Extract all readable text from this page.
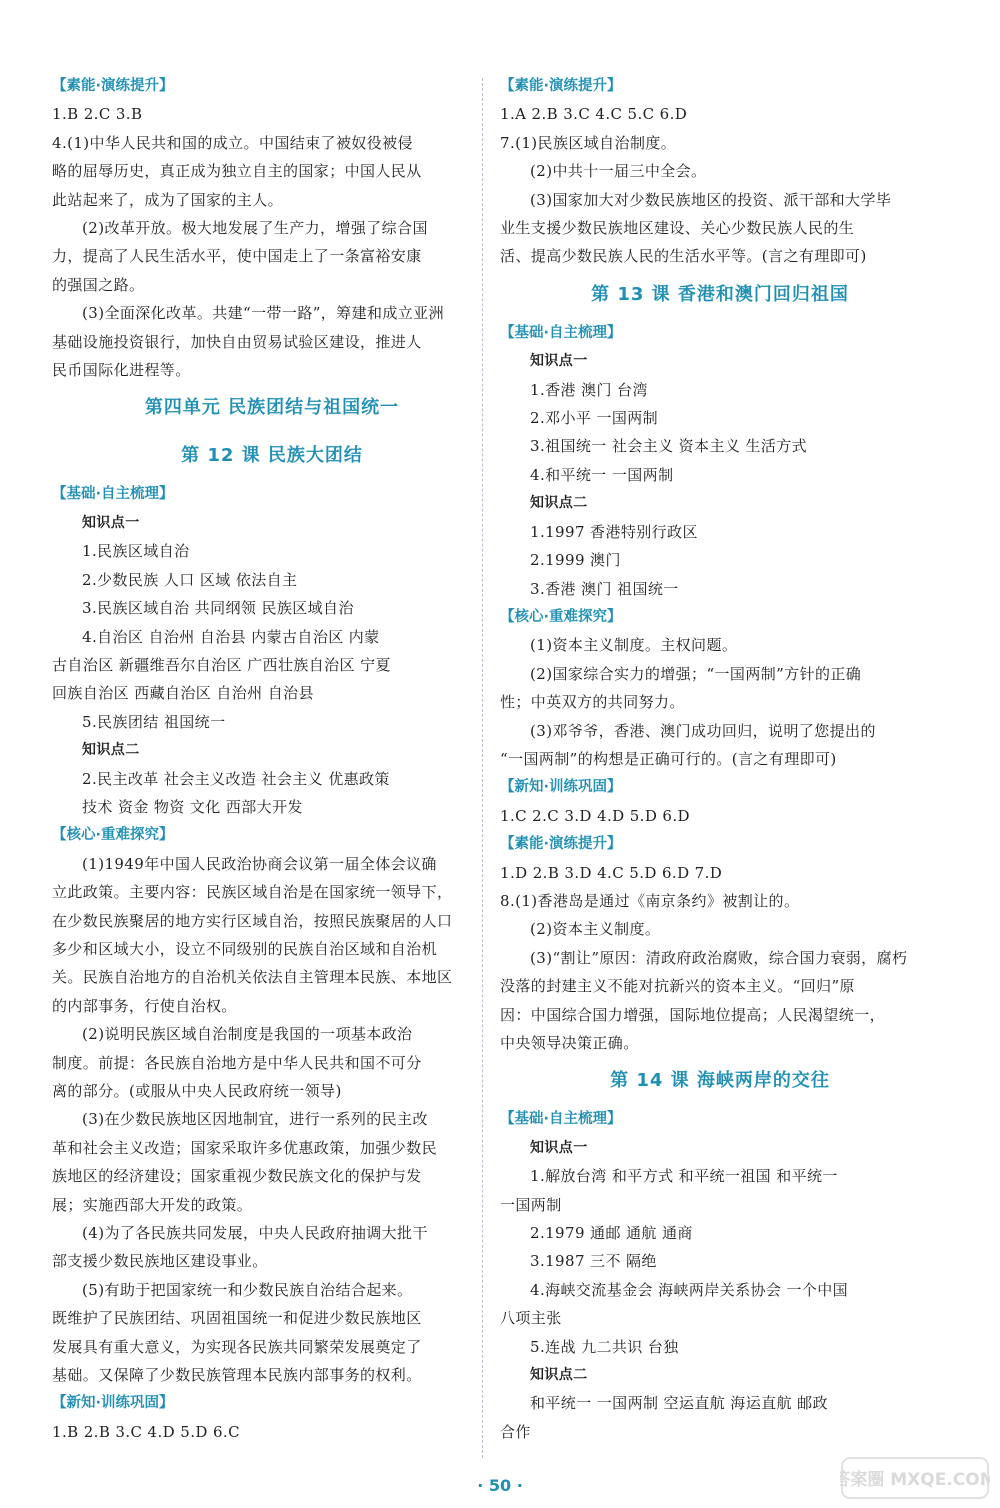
【素能·演练提升】
1.B 2.C 3.B
4.(1)中华人民共和国的成立。中国结束了被奴役被侵
略的屈辱历史，真正成为独立自主的国家；中国人民从
此站起来了，成为了国家的主人。
(2)改革开放。极大地发展了生产力，增强了综合国
力，提高了人民生活水平，使中国走上了一条富裕安康
的强国之路。
(3)全面深化改革。共建“一带一路”，筹建和成立亚洲
基础设施投资银行，加快自由贸易试验区建设，推进人
民币国际化进程等。
第四单元 民族团结与祖国统一
第 12 课 民族大团结
【基础·自主梳理】
知识点一
1.民族区域自治
2.少数民族 人口 区域 依法自主
3.民族区域自治 共同纲领 民族区域自治
4.自治区 自治州 自治县 内蒙古自治区 内蒙
古自治区 新疆维吾尔自治区 广西壮族自治区 宁夏
回族自治区 西藏自治区 自治州 自治县
5.民族团结 祖国统一
知识点二
2.民主改革 社会主义改造 社会主义 优惠政策
技术 资金 物资 文化 西部大开发
【核心·重难探究】
(1)1949年中国人民政治协商会议第一届全体会议确
立此政策。主要内容：民族区域自治是在国家统一领导下，
在少数民族聚居的地方实行区域自治，按照民族聚居的人口
多少和区域大小，设立不同级别的民族自治区域和自治机
关。民族自治地方的自治机关依法自主管理本民族、本地区
的内部事务，行使自治权。
(2)说明民族区域自治制度是我国的一项基本政治
制度。前提：各民族自治地方是中华人民共和国不可分
离的部分。(或服从中央人民政府统一领导)
(3)在少数民族地区因地制宜，进行一系列的民主改
革和社会主义改造；国家采取许多优惠政策，加强少数民
族地区的经济建设；国家重视少数民族文化的保护与发
展；实施西部大开发的政策。
(4)为了各民族共同发展，中央人民政府抽调大批干
部支援少数民族地区建设事业。
(5)有助于把国家统一和少数民族自治结合起来。
既维护了民族团结、巩固祖国统一和促进少数民族地区
发展具有重大意义，为实现各民族共同繁荣发展奠定了
基础。又保障了少数民族管理本民族内部事务的权利。
【新知·训练巩固】
1.B 2.B 3.C 4.D 5.D 6.C
【素能·演练提升】
1.A 2.B 3.C 4.C 5.C 6.D
7.(1)民族区域自治制度。
(2)中共十一届三中全会。
(3)国家加大对少数民族地区的投资、派干部和大学毕
业生支援少数民族地区建设、关心少数民族人民的生
活、提高少数民族人民的生活水平等。(言之有理即可)
第 13 课 香港和澳门回归祖国
【基础·自主梳理】
知识点一
1.香港 澳门 台湾
2.邓小平 一国两制
3.祖国统一 社会主义 资本主义 生活方式
4.和平统一 一国两制
知识点二
1.1997 香港特别行政区
2.1999 澳门
3.香港 澳门 祖国统一
【核心·重难探究】
(1)资本主义制度。主权问题。
(2)国家综合实力的增强；“一国两制”方针的正确
性；中英双方的共同努力。
(3)邓爷爷，香港、澳门成功回归，说明了您提出的
“一国两制”的构想是正确可行的。(言之有理即可)
【新知·训练巩固】
1.C 2.C 3.D 4.D 5.D 6.D
【素能·演练提升】
1.D 2.B 3.D 4.C 5.D 6.D 7.D
8.(1)香港岛是通过《南京条约》被割让的。
(2)资本主义制度。
(3)“割让”原因：清政府政治腐败，综合国力衰弱，腐朽
没落的封建主义不能对抗新兴的资本主义。“回归”原
因：中国综合国力增强，国际地位提高；人民渴望统一，
中央领导决策正确。
第 14 课 海峡两岸的交往
【基础·自主梳理】
知识点一
1.解放台湾 和平方式 和平统一祖国 和平统一
一国两制
2.1979 通邮 通航 通商
3.1987 三不 隔绝
4.海峡交流基金会 海峡两岸关系协会 一个中国
八项主张
5.连战 九二共识 台独
知识点二
和平统一 一国两制 空运直航 海运直航 邮政
合作
· 50 ·	答案圈 MXQE.COM
